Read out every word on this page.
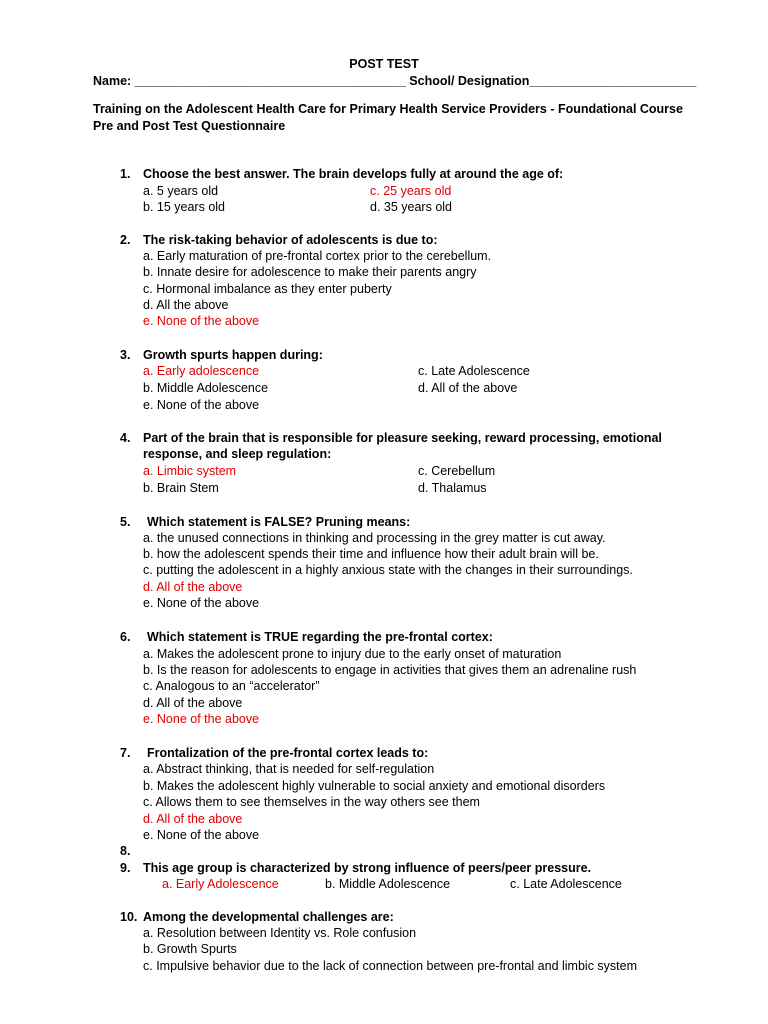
POST TEST
Name: _______________________________________ School/ Designation________________________
Training on the Adolescent Health Care for Primary Health Service Providers - Foundational Course
Pre and Post Test Questionnaire
1. Choose the best answer. The brain develops fully at around the age of:
a. 5 years old	c. 25 years old
b. 15 years old	d. 35 years old
2. The risk-taking behavior of adolescents is due to:
a. Early maturation of pre-frontal cortex prior to the cerebellum.
b. Innate desire for adolescence to make their parents angry
c. Hormonal imbalance as they enter puberty
d. All the above
e. None of the above
3. Growth spurts happen during:
a. Early adolescence	c. Late Adolescence
b. Middle Adolescence	d. All of the above
e. None of the above
4. Part of the brain that is responsible for pleasure seeking, reward processing, emotional
response, and sleep regulation:
a. Limbic system	c. Cerebellum
b. Brain Stem	d. Thalamus
5. Which statement is FALSE? Pruning means:
a. the unused connections in thinking and processing in the grey matter is cut away.
b. how the adolescent spends their time and influence how their adult brain will be.
c. putting the adolescent in a highly anxious state with the changes in their surroundings.
d. All of the above
e. None of the above
6. Which statement is TRUE regarding the pre-frontal cortex:
a. Makes the adolescent prone to injury due to the early onset of maturation
b. Is the reason for adolescents to engage in activities that gives them an adrenaline rush
c. Analogous to an “accelerator”
d. All of the above
e. None of the above
7. Frontalization of the pre-frontal cortex leads to:
a. Abstract thinking, that is needed for self-regulation
b. Makes the adolescent highly vulnerable to social anxiety and emotional disorders
c. Allows them to see themselves in the way others see them
d. All of the above
e. None of the above
8.
9. This age group is characterized by strong influence of peers/peer pressure.
a. Early Adolescence	b. Middle Adolescence	c. Late Adolescence
10. Among the developmental challenges are:
a. Resolution between Identity vs. Role confusion
b. Growth Spurts
c. Impulsive behavior due to the lack of connection between pre-frontal and limbic system
